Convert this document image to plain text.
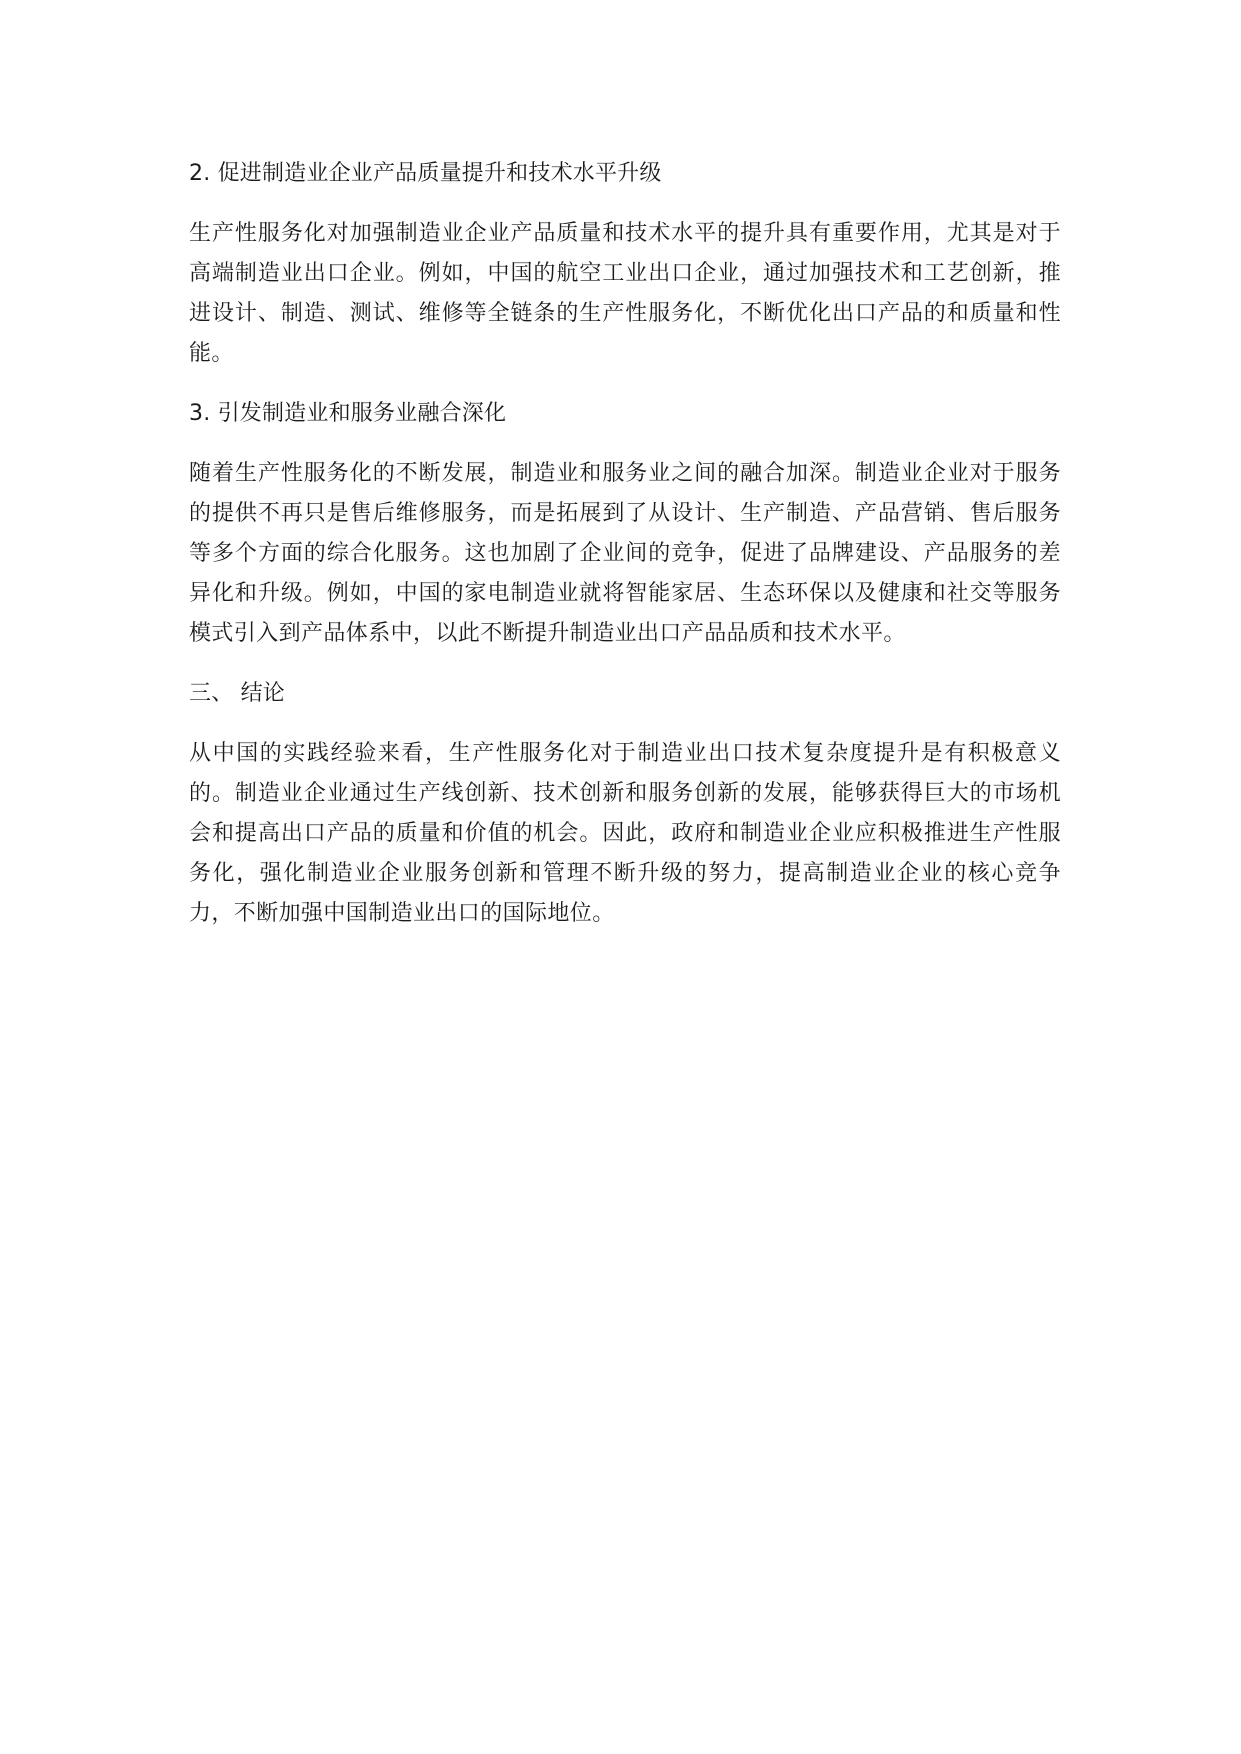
2. 促进制造业企业产品质量提升和技术水平升级

生产性服务化对加强制造业企业产品质量和技术水平的提升具有重要作用，尤其是对于高端制造业出口企业。例如，中国的航空工业出口企业，通过加强技术和工艺创新，推进设计、制造、测试、维修等全链条的生产性服务化，不断优化出口产品的和质量和性能。

3. 引发制造业和服务业融合深化

随着生产性服务化的不断发展，制造业和服务业之间的融合加深。制造业企业对于服务的提供不再只是售后维修服务，而是拓展到了从设计、生产制造、产品营销、售后服务等多个方面的综合化服务。这也加剧了企业间的竞争，促进了品牌建设、产品服务的差异化和升级。例如，中国的家电制造业就将智能家居、生态环保以及健康和社交等服务模式引入到产品体系中，以此不断提升制造业出口产品品质和技术水平。

三、 结论

从中国的实践经验来看，生产性服务化对于制造业出口技术复杂度提升是有积极意义的。制造业企业通过生产线创新、技术创新和服务创新的发展，能够获得巨大的市场机会和提高出口产品的质量和价值的机会。因此，政府和制造业企业应积极推进生产性服务化，强化制造业企业服务创新和管理不断升级的努力，提高制造业企业的核心竞争力，不断加强中国制造业出口的国际地位。
